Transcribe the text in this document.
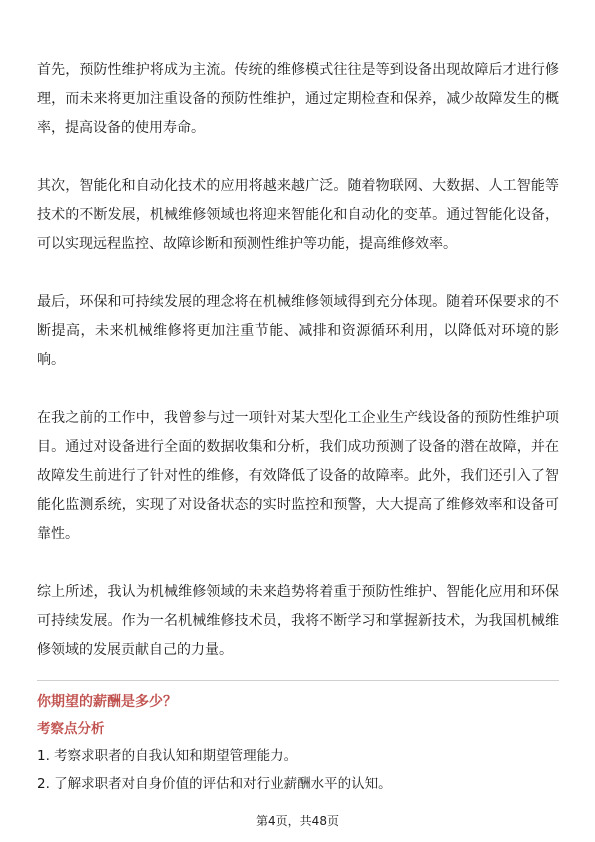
首先，预防性维护将成为主流。传统的维修模式往往是等到设备出现故障后才进行修理，而未来将更加注重设备的预防性维护，通过定期检查和保养，减少故障发生的概率，提高设备的使用寿命。

其次，智能化和自动化技术的应用将越来越广泛。随着物联网、大数据、人工智能等技术的不断发展，机械维修领域也将迎来智能化和自动化的变革。通过智能化设备，可以实现远程监控、故障诊断和预测性维护等功能，提高维修效率。

最后，环保和可持续发展的理念将在机械维修领域得到充分体现。随着环保要求的不断提高，未来机械维修将更加注重节能、减排和资源循环利用，以降低对环境的影响。

在我之前的工作中，我曾参与过一项针对某大型化工企业生产线设备的预防性维护项目。通过对设备进行全面的数据收集和分析，我们成功预测了设备的潜在故障，并在故障发生前进行了针对性的维修，有效降低了设备的故障率。此外，我们还引入了智能化监测系统，实现了对设备状态的实时监控和预警，大大提高了维修效率和设备可靠性。

综上所述，我认为机械维修领域的未来趋势将着重于预防性维护、智能化应用和环保可持续发展。作为一名机械维修技术员，我将不断学习和掌握新技术，为我国机械维修领域的发展贡献自己的力量。

你期望的薪酬是多少？
考察点分析
1. 考察求职者的自我认知和期望管理能力。
2. 了解求职者对自身价值的评估和对行业薪酬水平的认知。
第4页，共48页
